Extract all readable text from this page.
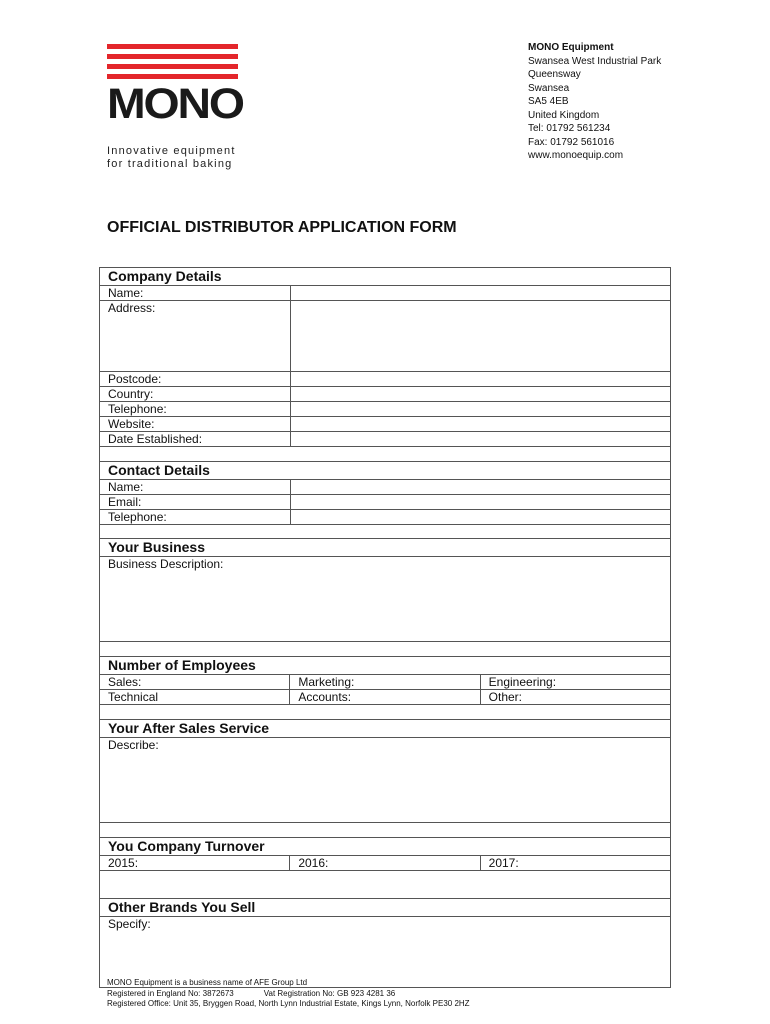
MONO
Innovative equipment
for traditional baking
MONO Equipment
Swansea West Industrial Park
Queensway
Swansea
SA5 4EB
United Kingdom
Tel: 01792 561234
Fax: 01792 561016
www.monoequip.com
OFFICIAL DISTRIBUTOR APPLICATION FORM
Company Details
Name:
Address:
Postcode:
Country:
Telephone:
Website:
Date Established:
Contact Details
Name:
Email:
Telephone:
Your Business
Business Description:
Number of Employees
Sales:	Marketing:	Engineering:
Technical	Accounts:	Other:
Your After Sales Service
Describe:
You Company Turnover
2015:	2016:	2017:
Other Brands You Sell
Specify:
MONO Equipment is a business name of AFE Group Ltd
Registered in England No: 3872673	Vat Registration No: GB 923 4281 36
Registered Office: Unit 35, Bryggen Road, North Lynn Industrial Estate, Kings Lynn, Norfolk PE30 2HZ
